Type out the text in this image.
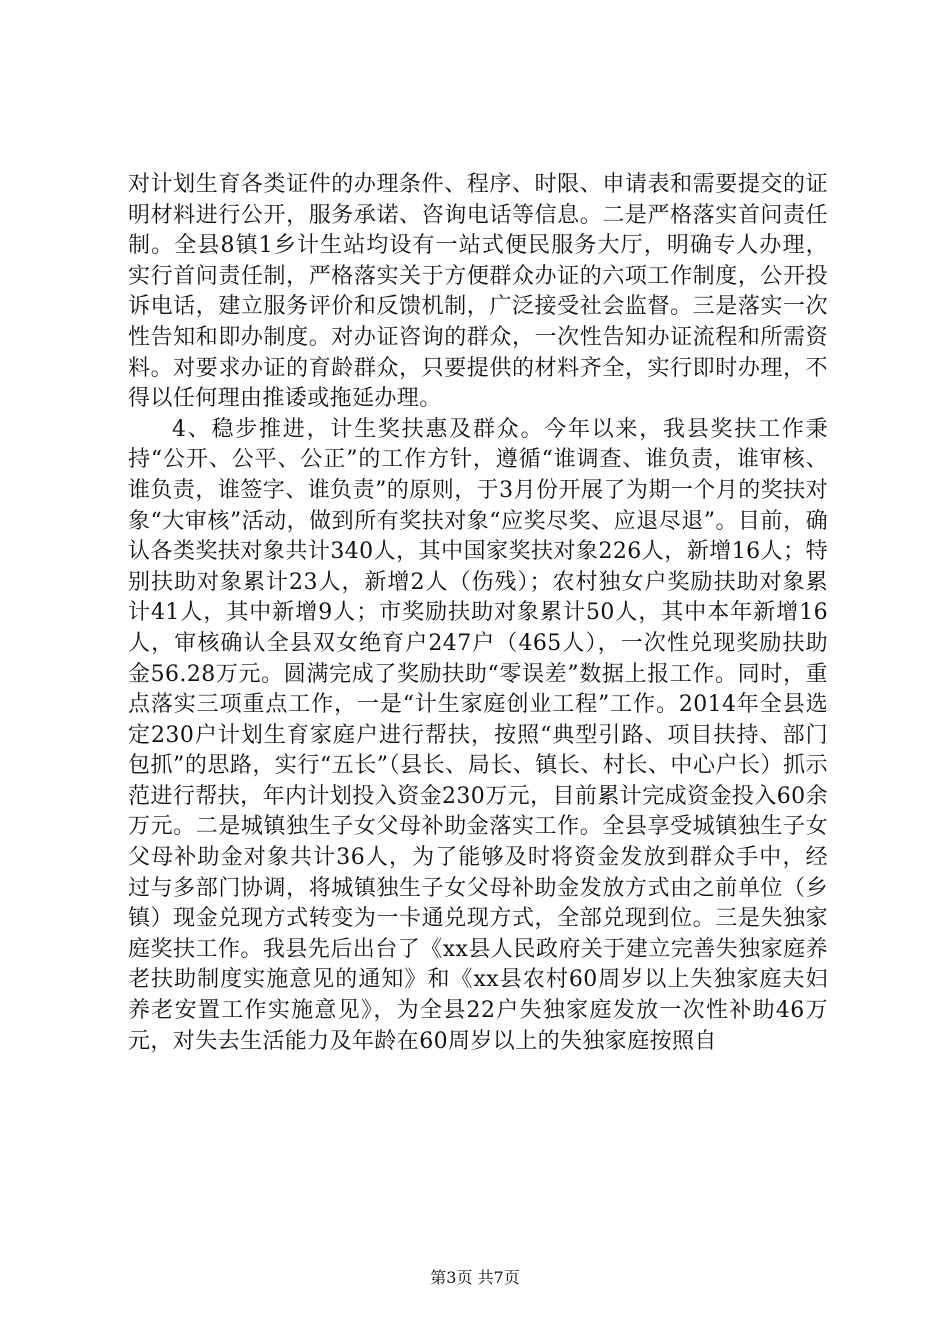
对计划生育各类证件的办理条件、程序、时限、申请表和需要提交的证明材料进行公开，服务承诺、咨询电话等信息。二是严格落实首问责任制。全县8镇1乡计生站均设有一站式便民服务大厅，明确专人办理，实行首问责任制，严格落实关于方便群众办证的六项工作制度，公开投诉电话，建立服务评价和反馈机制，广泛接受社会监督。三是落实一次性告知和即办制度。对办证咨询的群众，一次性告知办证流程和所需资料。对要求办证的育龄群众，只要提供的材料齐全，实行即时办理，不得以任何理由推诿或拖延办理。

4、稳步推进，计生奖扶惠及群众。今年以来，我县奖扶工作秉持“公开、公平、公正”的工作方针，遵循“谁调查、谁负责，谁审核、谁负责，谁签字、谁负责”的原则，于3月份开展了为期一个月的奖扶对象“大审核”活动，做到所有奖扶对象“应奖尽奖、应退尽退”。目前，确认各类奖扶对象共计340人，其中国家奖扶对象226人，新增16人；特别扶助对象累计23人，新增2人（伤残）；农村独女户奖励扶助对象累计41人，其中新增9人；市奖励扶助对象累计50人，其中本年新增16人，审核确认全县双女绝育户247户（465人），一次性兑现奖励扶助金56.28万元。圆满完成了奖励扶助“零误差”数据上报工作。同时，重点落实三项重点工作，一是“计生家庭创业工程”工作。2014年全县选定230户计划生育家庭户进行帮扶，按照“典型引路、项目扶持、部门包抓”的思路，实行“五长”（县长、局长、镇长、村长、中心户长）抓示范进行帮扶，年内计划投入资金230万元，目前累计完成资金投入60余万元。二是城镇独生子女父母补助金落实工作。全县享受城镇独生子女父母补助金对象共计36人，为了能够及时将资金发放到群众手中，经过与多部门协调，将城镇独生子女父母补助金发放方式由之前单位（乡镇）现金兑现方式转变为一卡通兑现方式，全部兑现到位。三是失独家庭奖扶工作。我县先后出台了《xx县人民政府关于建立完善失独家庭养老扶助制度实施意见的通知》和《xx县农村60周岁以上失独家庭夫妇养老安置工作实施意见》，为全县22户失独家庭发放一次性补助46万元，对失去生活能力及年龄在60周岁以上的失独家庭按照自

第3页 共7页
